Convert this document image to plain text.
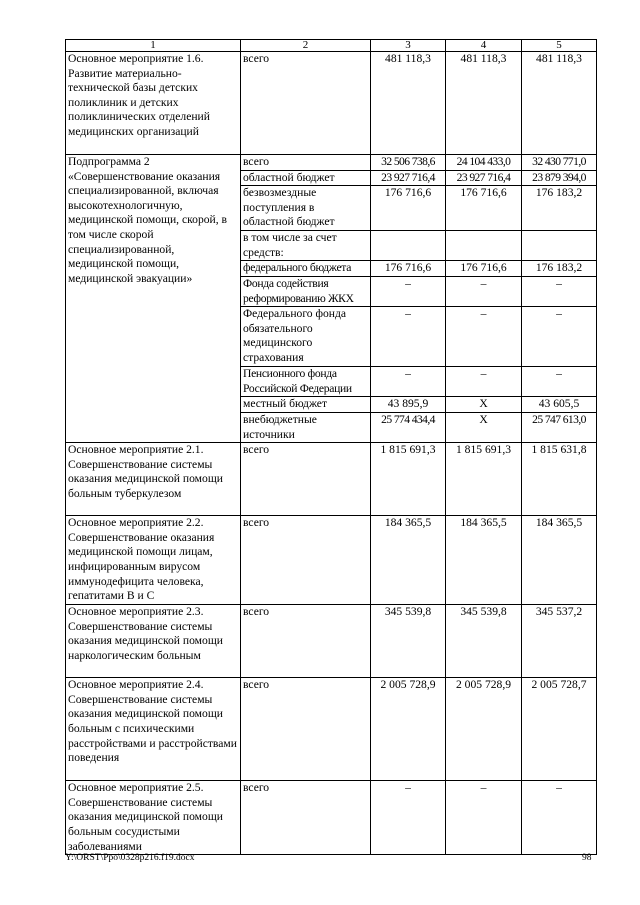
1	2	3	4	5
Основное мероприятие 1.6. Развитие материально-технической базы детских поликлиник и детских поликлинических отделений медицинских организаций	всего	481 118,3	481 118,3	481 118,3
Подпрограмма 2 «Совершенствование оказания специализированной, включая высокотехнологичную, медицинской помощи, скорой, в том числе скорой специализированной, медицинской помощи, медицинской эвакуации»	всего	32 506 738,6	24 104 433,0	32 430 771,0
	областной бюджет	23 927 716,4	23 927 716,4	23 879 394,0
	безвозмездные поступления в областной бюджет	176 716,6	176 716,6	176 183,2
	в том числе за счет средств:			
	федерального бюджета	176 716,6	176 716,6	176 183,2
	Фонда содействия реформированию ЖКХ	–	–	–
	Федерального фонда обязательного медицинского страхования	–	–	–
	Пенсионного фонда Российской Федерации	–	–	–
	местный бюджет	43 895,9	Х	43 605,5
	внебюджетные источники	25 774 434,4	Х	25 747 613,0
Основное мероприятие 2.1. Совершенствование системы оказания медицинской помощи больным туберкулезом	всего	1 815 691,3	1 815 691,3	1 815 631,8
Основное мероприятие 2.2. Совершенствование оказания медицинской помощи лицам, инфицированным вирусом иммунодефицита человека, гепатитами B и C	всего	184 365,5	184 365,5	184 365,5
Основное мероприятие 2.3. Совершенствование системы оказания медицинской помощи наркологическим больным	всего	345 539,8	345 539,8	345 537,2
Основное мероприятие 2.4. Совершенствование системы оказания медицинской помощи больным с психическими расстройствами и расстройствами поведения	всего	2 005 728,9	2 005 728,9	2 005 728,7
Основное мероприятие 2.5. Совершенствование системы оказания медицинской помощи больным сосудистыми заболеваниями	всего	–	–	–
Y:\ORST\Ppo\0328p216.f19.docx	98
